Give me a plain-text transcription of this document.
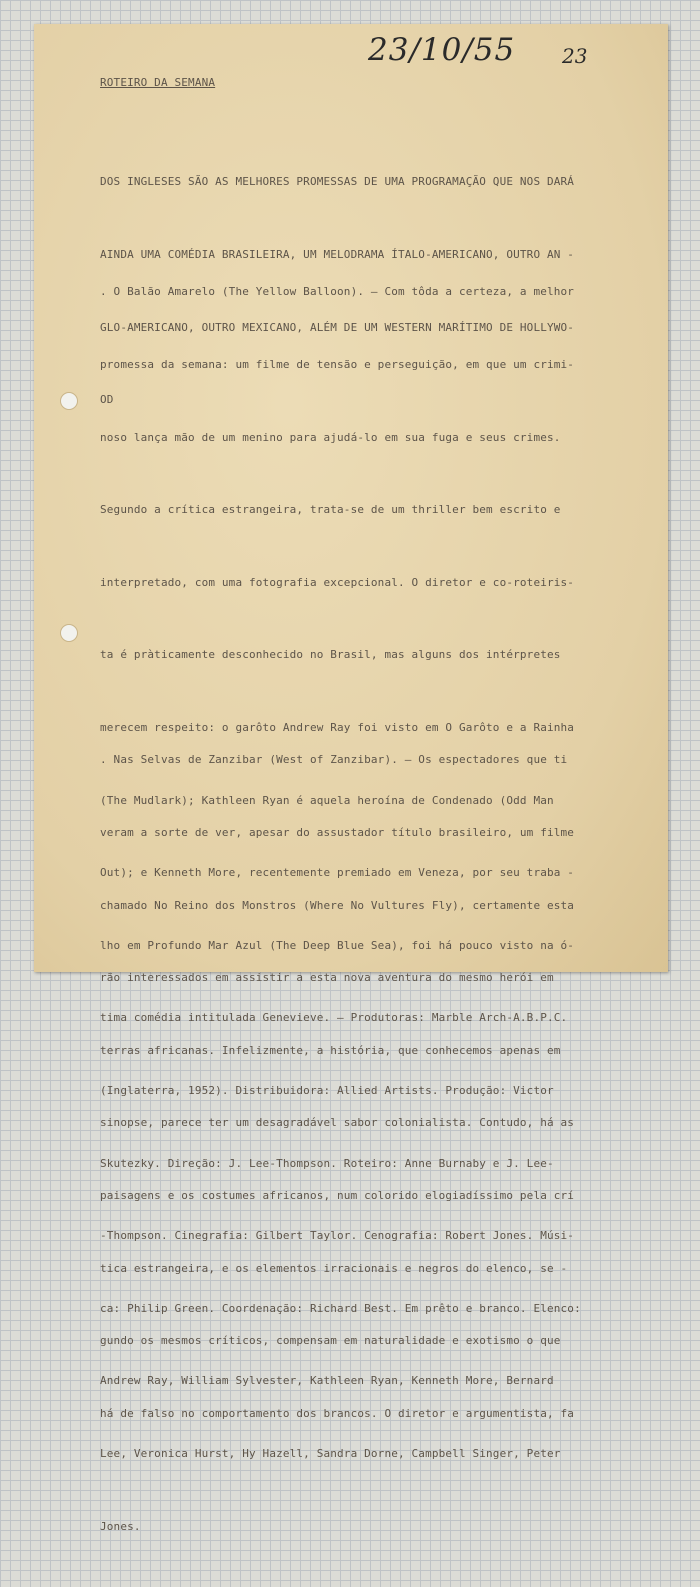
23/10/55 23
ROTEIRO DA SEMANA

DOS INGLESES SÃO AS MELHORES PROMESSAS DE UMA PROGRAMAÇÃO QUE NOS DARÁ

AINDA UMA COMÉDIA BRASILEIRA, UM MELODRAMA ÍTALO-AMERICANO, OUTRO AN -

GLO-AMERICANO, OUTRO MEXICANO, ALÉM DE UM WESTERN MARÍTIMO DE HOLLYWO-

OD

. O Balão Amarelo (The Yellow Balloon). — Com tôda a certeza, a melhor

promessa da semana: um filme de tensão e perseguição, em que um crimi-

noso lança mão de um menino para ajudá-lo em sua fuga e seus crimes.

Segundo a crítica estrangeira, trata-se de um thriller bem escrito e

interpretado, com uma fotografia excepcional. O diretor e co-roteiris-

ta é pràticamente desconhecido no Brasil, mas alguns dos intérpretes

merecem respeito: o garôto Andrew Ray foi visto em O Garôto e a Rainha

(The Mudlark); Kathleen Ryan é aquela heroína de Condenado (Odd Man

Out); e Kenneth More, recentemente premiado em Veneza, por seu traba -

lho em Profundo Mar Azul (The Deep Blue Sea), foi há pouco visto na ó-

tima comédia intitulada Genevieve. — Produtoras: Marble Arch-A.B.P.C.

(Inglaterra, 1952). Distribuidora: Allied Artists. Produção: Victor

Skutezky. Direção: J. Lee-Thompson. Roteiro: Anne Burnaby e J. Lee-

-Thompson. Cinegrafia: Gilbert Taylor. Cenografia: Robert Jones. Músi-

ca: Philip Green. Coordenação: Richard Best. Em prêto e branco. Elenco:

Andrew Ray, William Sylvester, Kathleen Ryan, Kenneth More, Bernard

Lee, Veronica Hurst, Hy Hazell, Sandra Dorne, Campbell Singer, Peter

Jones.

. Nas Selvas de Zanzibar (West of Zanzibar). — Os espectadores que ti

veram a sorte de ver, apesar do assustador título brasileiro, um filme

chamado No Reino dos Monstros (Where No Vultures Fly), certamente esta

rão interessados em assistir a esta nova aventura do mesmo herói em

terras africanas. Infelizmente, a história, que conhecemos apenas em

sinopse, parece ter um desagradável sabor colonialista. Contudo, há as

paisagens e os costumes africanos, num colorido elogiadíssimo pela crí

tica estrangeira, e os elementos irracionais e negros do elenco, se -

gundo os mesmos críticos, compensam em naturalidade e exotismo o que

há de falso no comportamento dos brancos. O diretor e argumentista, fa
